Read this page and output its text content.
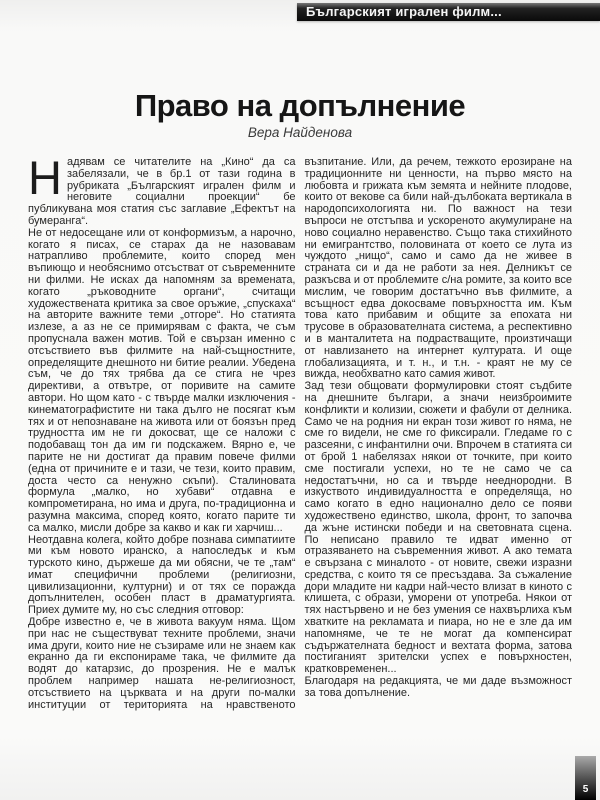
Българският игрален филм...
Право на допълнение
Вера Найденова

Надявам се читателите на „Кино“ да са забелязали, че в бр.1 от тази година в рубриката „Българският игрален филм и неговите социални проекции“ бе публикувана моя статия със заглавие „Ефектът на бумеранга“.

Не от недосещане или от конформизъм, а нарочно, когато я писах, се старах да не назовавам натрапливо проблемите, които според мен въпиющо и необяснимо отсъстват от съвременните ни филми. Не исках да напомням за времената, когато „ръководните органи“, считащи художествената критика за свое оръжие, „спускаха“ на авторите важните теми „отгоре“. Но статията излезе, а аз не се примирявам с факта, че съм пропуснала важен мотив. Той е свързан именно с отсъствието във филмите на най-същностните, определящите днешното ни битие реалии. Убедена съм, че до тях трябва да се стига не чрез директиви, а отвътре, от поривите на самите автори. Но щом като - с твърде малки изключения - кинематографистите ни така дълго не посягат към тях и от непознаване на живота или от боязън пред трудността им не ги докосват, ще се наложи с подобаващ тон да им ги подскажем. Вярно е, че парите не ни достигат да правим повече филми (една от причините е и тази, че тези, които правим, доста често са ненужно скъпи). Сталиновата формула „малко, но хубави“ отдавна е компрометирана, но има и друга, по-традиционна и разумна максима, според която, когато парите ти са малко, мисли добре за какво и как ги харчиш...

Неотдавна колега, който добре познава симпатиите ми към новото иранско, а напоследък и към турското кино, държеше да ми обясни, че те „там“ имат специфични проблеми (религиозни, цивилизационни, културни) и от тях се поражда допълнителен, особен пласт в драматургията. Приех думите му, но със следния отговор:

Добре известно е, че в живота вакуум няма. Щом при нас не съществуват техните проблеми, значи има други, които ние не съзираме или не знаем как екранно да ги експонираме така, че филмите да водят до катарзис, до прозрения. Не е малък проблем например нашата не-религиозност, отсъствието на църквата и на други по-малки институции от територията на нравственото възпитание. Или, да речем, тежкото ерозиране на традиционните ни ценности, на първо място на любовта и грижата към земята и нейните плодове, които от векове са били най-дълбоката вертикала в народопсихологията ни. По важност на тези въпроси не отстъпва и ускореното акумулиране на ново социално неравенство. Също така стихийното ни емигрантство, половината от което се лута из чуждото „нищо“, само и само да не живее в страната си и да не работи за нея. Делникът се разкъсва и от проблемите с/на ромите, за които все мислим, че говорим достатъчно във филмите, а всъщност едва докосваме повърхността им. Към това като прибавим и общите за епохата ни трусове в образователната система, а респективно и в манталитета на подрастващите, произтичащи от навлизането на интернет културата. И още глобализацията, и т. н., и т.н. - краят не му се вижда, необхватно като самия живот.

Зад тези общовати формулировки стоят съдбите на днешните българи, а значи неизброимите конфликти и колизии, сюжети и фабули от делника. Само че на родния ни екран този живот го няма, не сме го видели, не сме го фиксирали. Гледаме го с разсеяни, с инфантилни очи. Впрочем в статията си от брой 1 набелязах някои от точките, при които сме постигали успехи, но те не само че са недостатъчни, но са и твърде нееднородни. В изкуството индивидуалността е определяща, но само когато в едно национално дело се появи художествено единство, школа, фронт, то започва да жъне истински победи и на световната сцена. По неписано правило те идват именно от отразяването на съвременния живот. А ако темата е свързана с миналото - от новите, свежи изразни средства, с които тя се пресъздава. За съжаление дори младите ни кадри най-често влизат в киното с клишета, с образи, уморени от употреба. Някои от тях настървено и не без умения се нахвърлиха към хватките на рекламата и пиара, но не е зле да им напомняме, че те не могат да компенсират съдържателната бедност и вехтата форма, затова постиганият зрителски успех е повърхностен, кратковременен...

Благодаря на редакцията, че ми даде възможност за това допълнение.

5
